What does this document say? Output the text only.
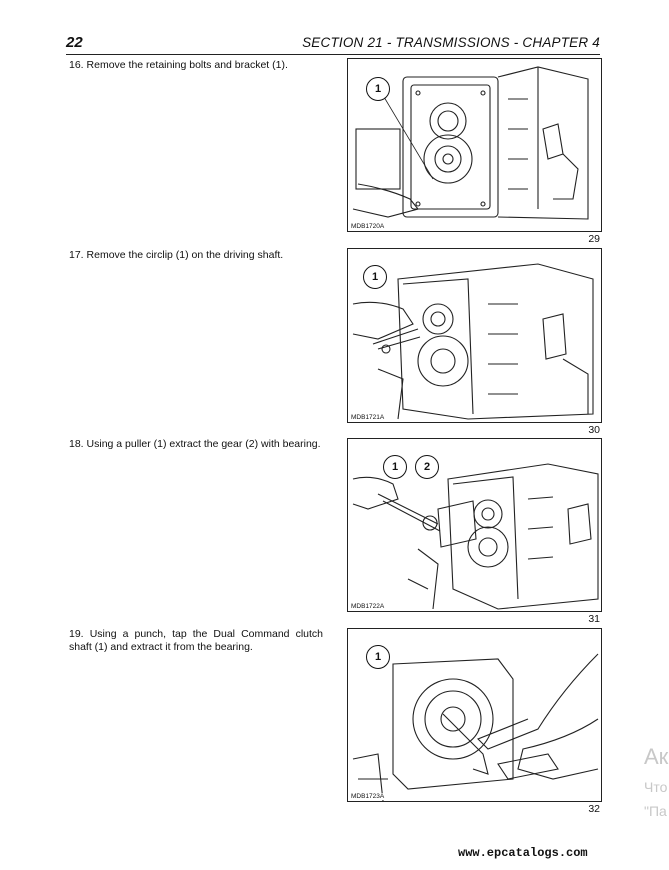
22	SECTION 21 - TRANSMISSIONS - CHAPTER 4
16. Remove the retaining bolts and bracket (1).
1
MDB1720A
29
17. Remove the circlip (1) on the driving shaft.
1
MDB1721A
30
18. Using a puller (1) extract the gear (2) with bearing.
1	2
MDB1722A
31
19. Using a punch, tap the Dual Command clutch shaft (1) and extract it from the bearing.
1
MDB1723A
32
Ак
Что
"Па
www.epcatalogs.com
